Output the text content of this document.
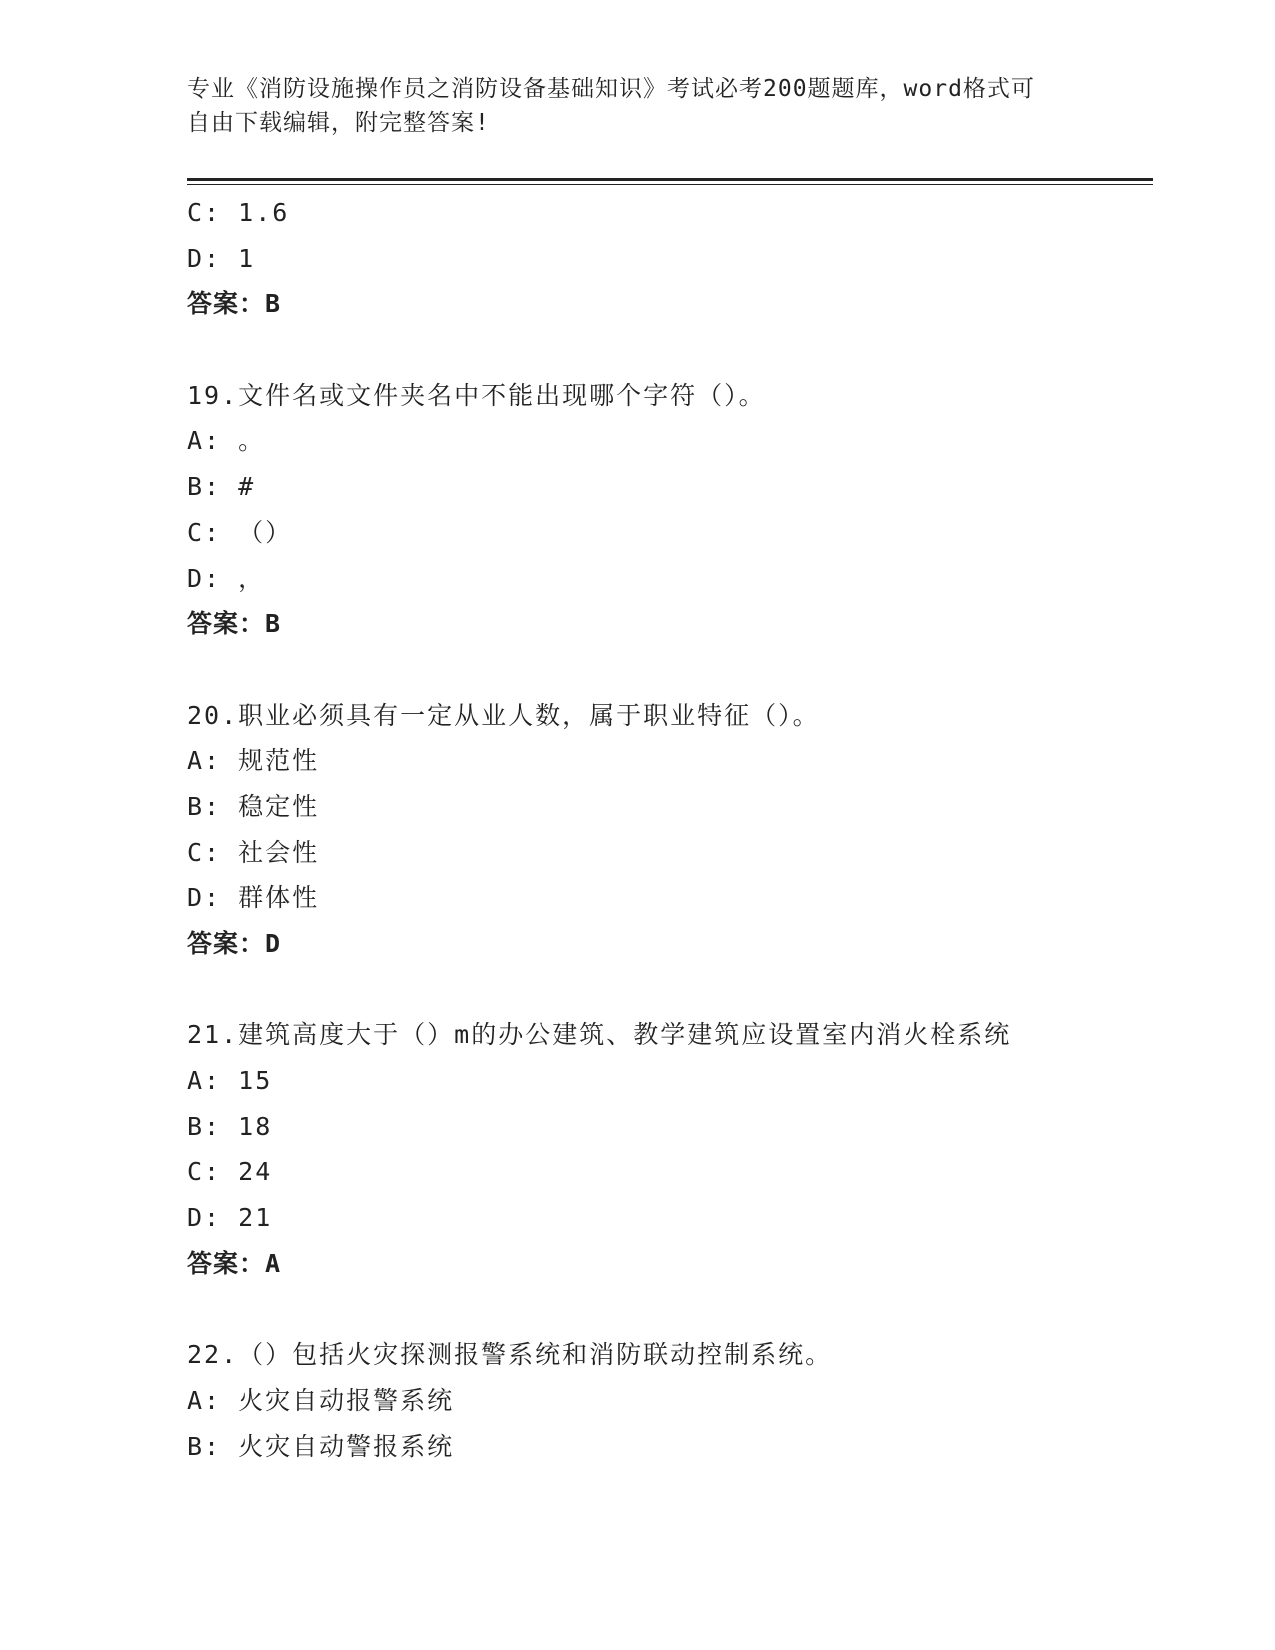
专业《消防设施操作员之消防设备基础知识》考试必考200题题库，word格式可
自由下载编辑，附完整答案!
C: 1.6
D: 1
答案：B
19.文件名或文件夹名中不能出现哪个字符（）。
A: 。
B: #
C: （）
D: ，
答案：B
20.职业必须具有一定从业人数，属于职业特征（）。
A: 规范性
B: 稳定性
C: 社会性
D: 群体性
答案：D
21.建筑高度大于（）m的办公建筑、教学建筑应设置室内消火栓系统
A: 15
B: 18
C: 24
D: 21
答案：A
22.（）包括火灾探测报警系统和消防联动控制系统。
A: 火灾自动报警系统
B: 火灾自动警报系统
